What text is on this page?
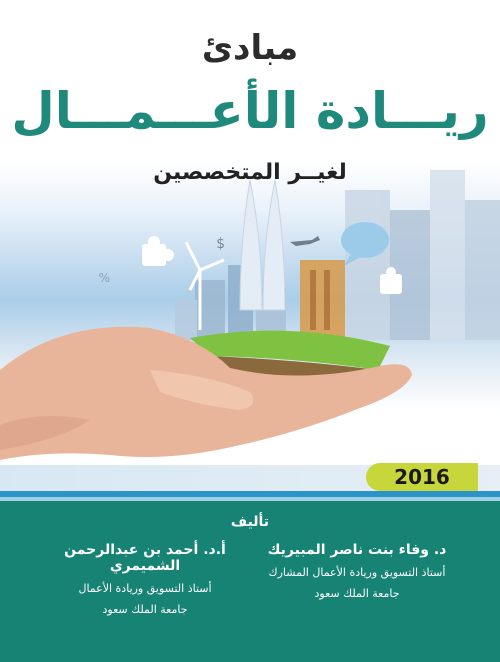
مبادئ
ريـــادة الأعـــمـــال
لغيــر المتخصصين
$
%
2016
تأليف
د. وفاء بنت ناصر المبيريك
أستاذ التسويق وريادة الأعمال المشارك
جامعة الملك سعود
أ.د. أحمد بن عبدالرحمن الشميمري
أستاذ التسويق وريادة الأعمال
جامعة الملك سعود
